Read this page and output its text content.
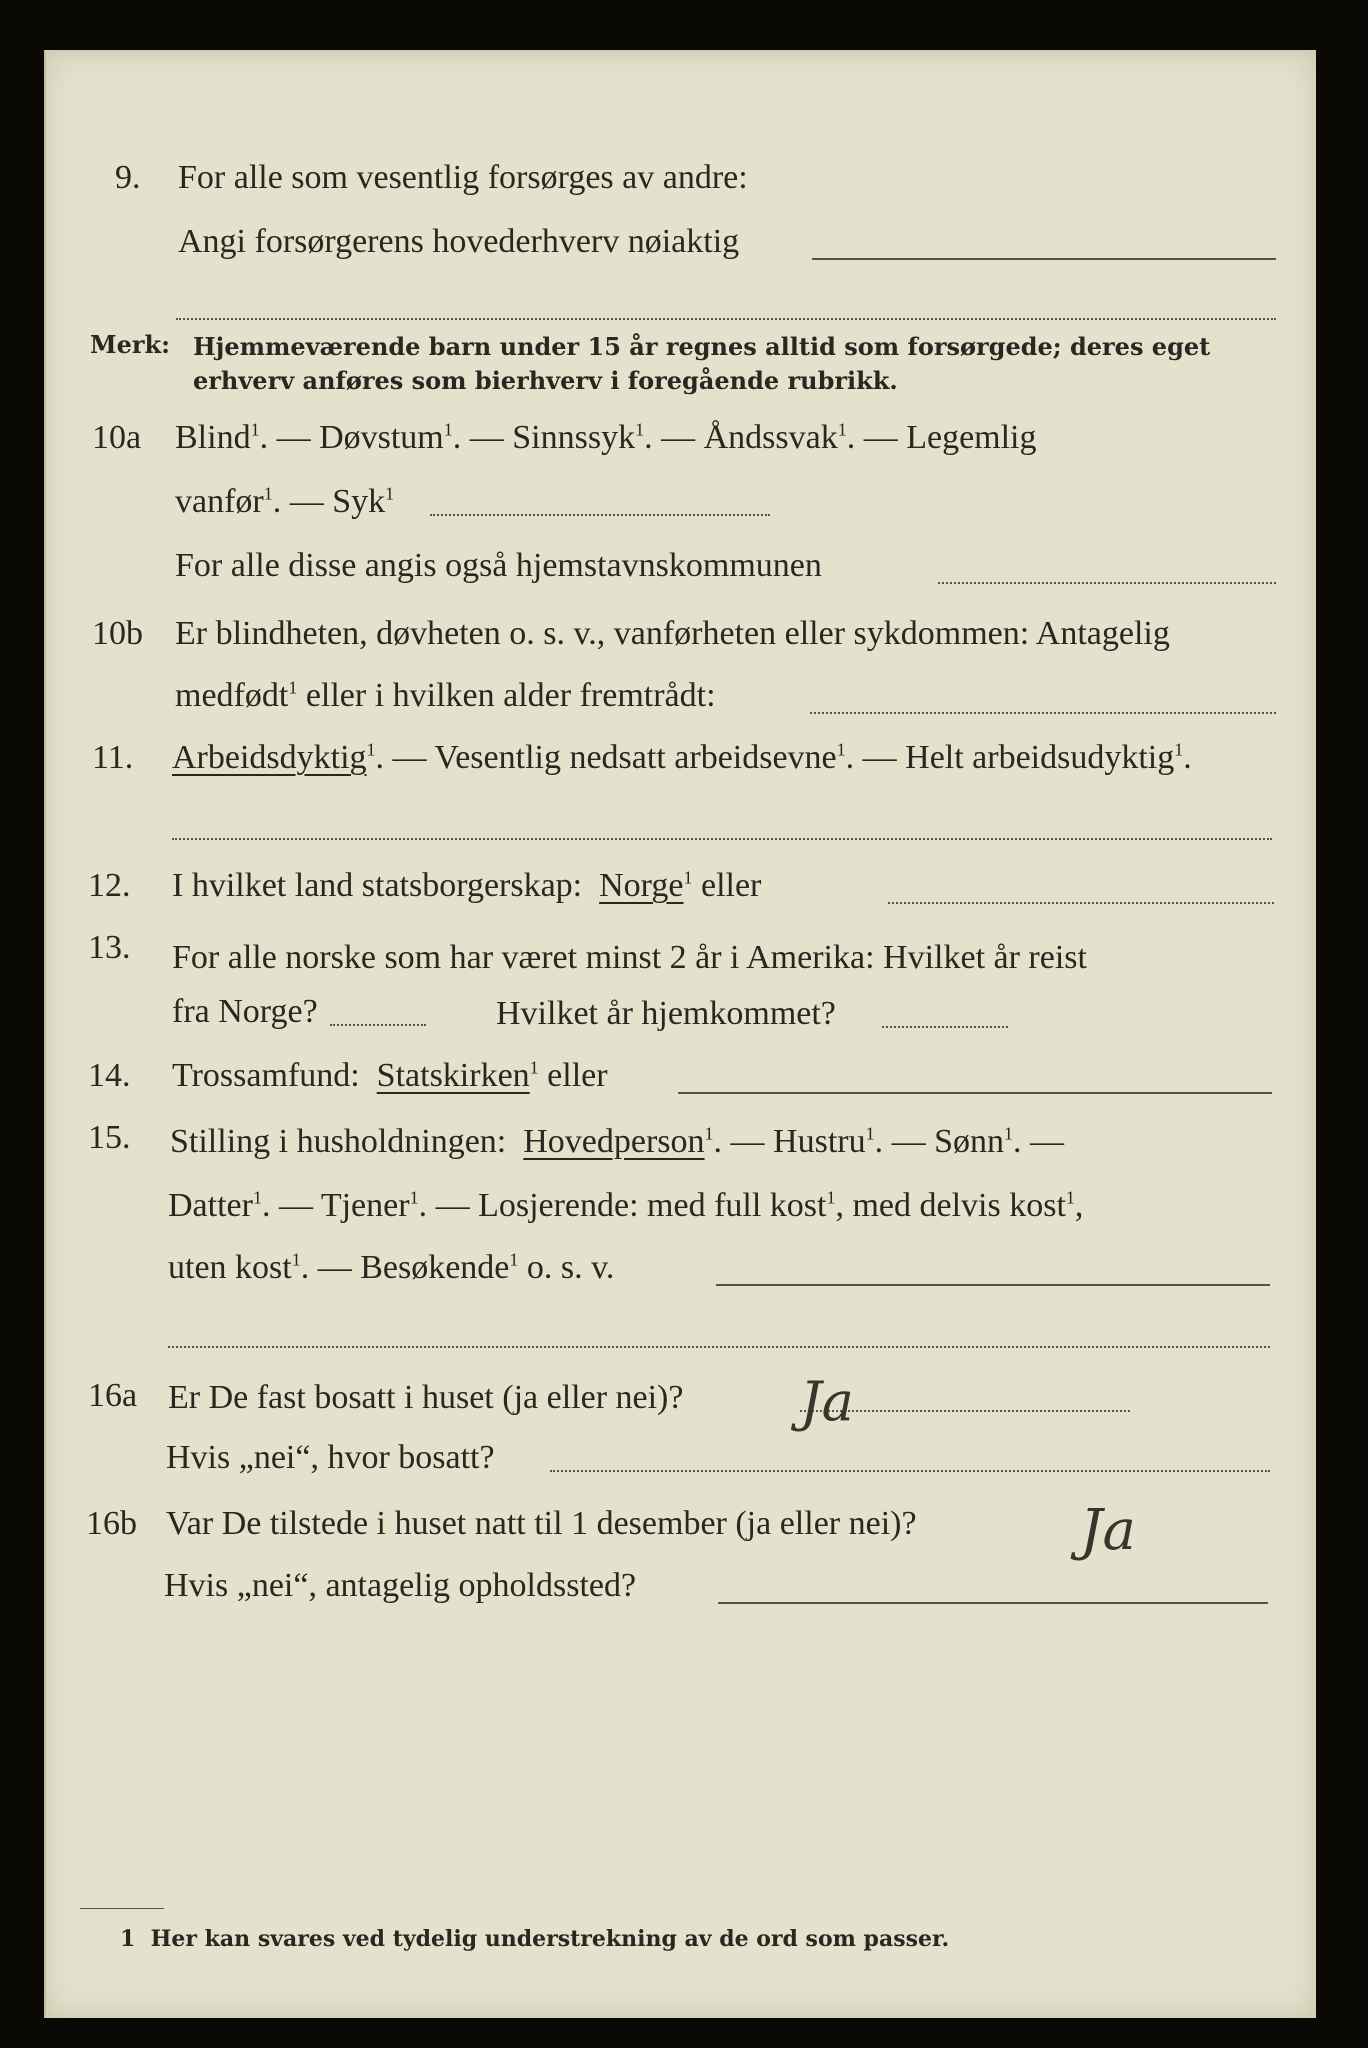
9. For alle som vesentlig forsørges av andre:
Angi forsørgerens hovederhverv nøiaktig
Merk: Hjemmeværende barn under 15 år regnes alltid som forsørgede; deres eget erhverv anføres som bierhverv i foregående rubrikk.
10a Blind$^1$. — Døvstum$^1$. — Sinnssyk$^1$. — Åndssvak$^1$. — Legemlig
vanfør$^1$. — Syk$^1$
For alle disse angis også hjemstavnskommunen
10b Er blindheten, døvheten o. s. v., vanførheten eller sykdommen: Antagelig
medfødt$^1$ eller i hvilken alder fremtrådt:
11. Arbeidsdyktig$^1$. — Vesentlig nedsatt arbeidsevne$^1$. — Helt arbeidsudyktig$^1$.
12. I hvilket land statsborgerskap: Norge$^1$ eller
13. For alle norske som har været minst 2 år i Amerika: Hvilket år reist
fra Norge?	Hvilket år hjemkommet?
14. Trossamfund: Statskirken$^1$ eller
15. Stilling i husholdningen: Hovedperson$^1$. — Hustru$^1$. — Sønn$^1$. —
Datter$^1$. — Tjener$^1$. — Losjerende: med full kost$^1$, med delvis kost$^1$,
uten kost$^1$. — Besøkende$^1$ o. s. v.
16a Er De fast bosatt i huset (ja eller nei)? Ja
Hvis „nei“, hvor bosatt?
16b Var De tilstede i huset natt til 1 desember (ja eller nei)?	Ja
Hvis „nei“, antagelig opholdssted?
1 Her kan svares ved tydelig understrekning av de ord som passer.
